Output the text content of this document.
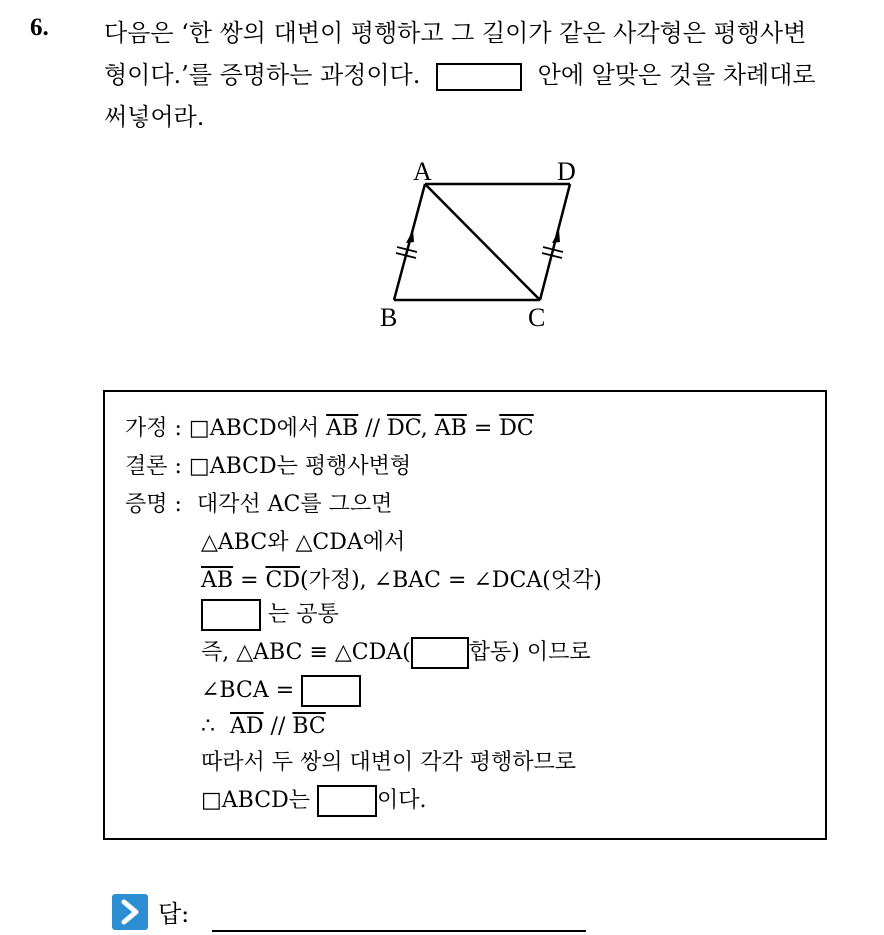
6. 다음은 ‘한 쌍의 대변이 평행하고 그 길이가 같은 사각형은 평행사변
형이다.’를 증명하는 과정이다.	안에 알맞은 것을 차례대로
써넣어라.
A	D
B	C
가정 : □ABCD에서 $\overline{AB} // \overline{DC}$, $\overline{AB} = \overline{DC}$
결론 : □ABCD는 평행사변형
증명 : 대각선 AC를 그으면
△ABC와 △CDA에서
$\overline{AB} = \overline{CD}$(가정), ∠BAC = ∠DCA(엇각)
는 공통
즉, △ABC ≡ △CDA(	합동) 이므로
∠BCA =
∴ $\overline{AD} // \overline{BC}$
따라서 두 쌍의 대변이 각각 평행하므로
□ABCD는	이다.
답:
